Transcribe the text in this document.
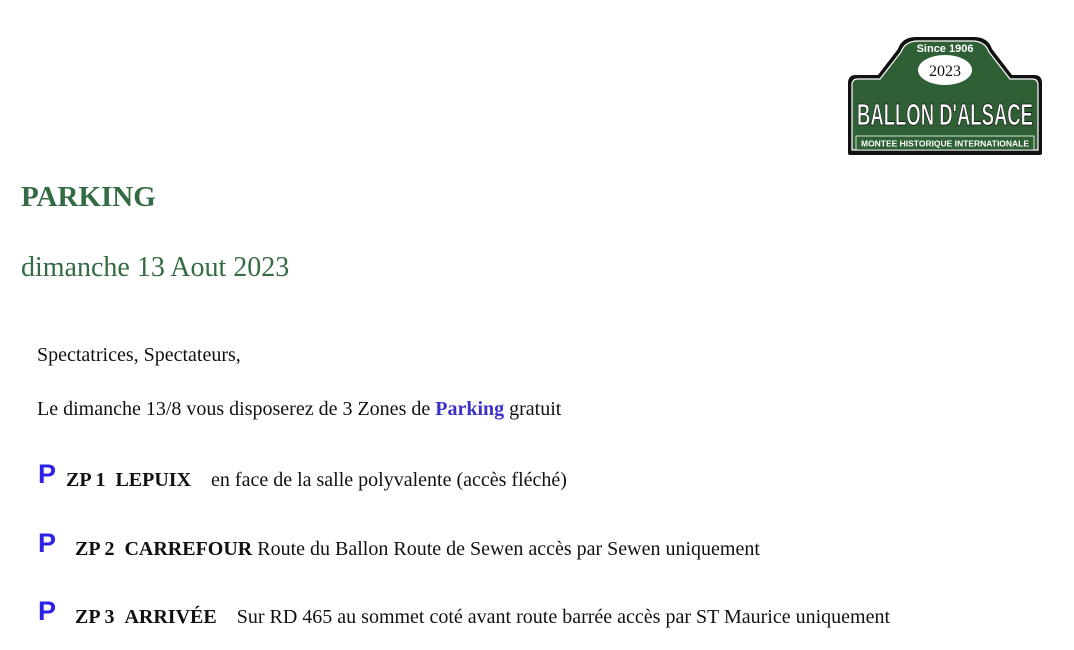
Since 1906
2023
BALLON D'ALSACE
MONTEE HISTORIQUE INTERNATIONALE
PARKING
dimanche 13 Aout 2023

Spectatrices, Spectateurs,

Le dimanche 13/8 vous disposerez de 3 Zones de Parking gratuit

P ZP 1
LEPUIX
en face de la salle polyvalente (accès fléché)
P ZP 2
CARREFOUR
Route du Ballon Route de Sewen accès par Sewen uniquement
P ZP 3
ARRIVÉE
Sur RD 465 au sommet coté avant route barrée accès par ST Maurice uniquement
